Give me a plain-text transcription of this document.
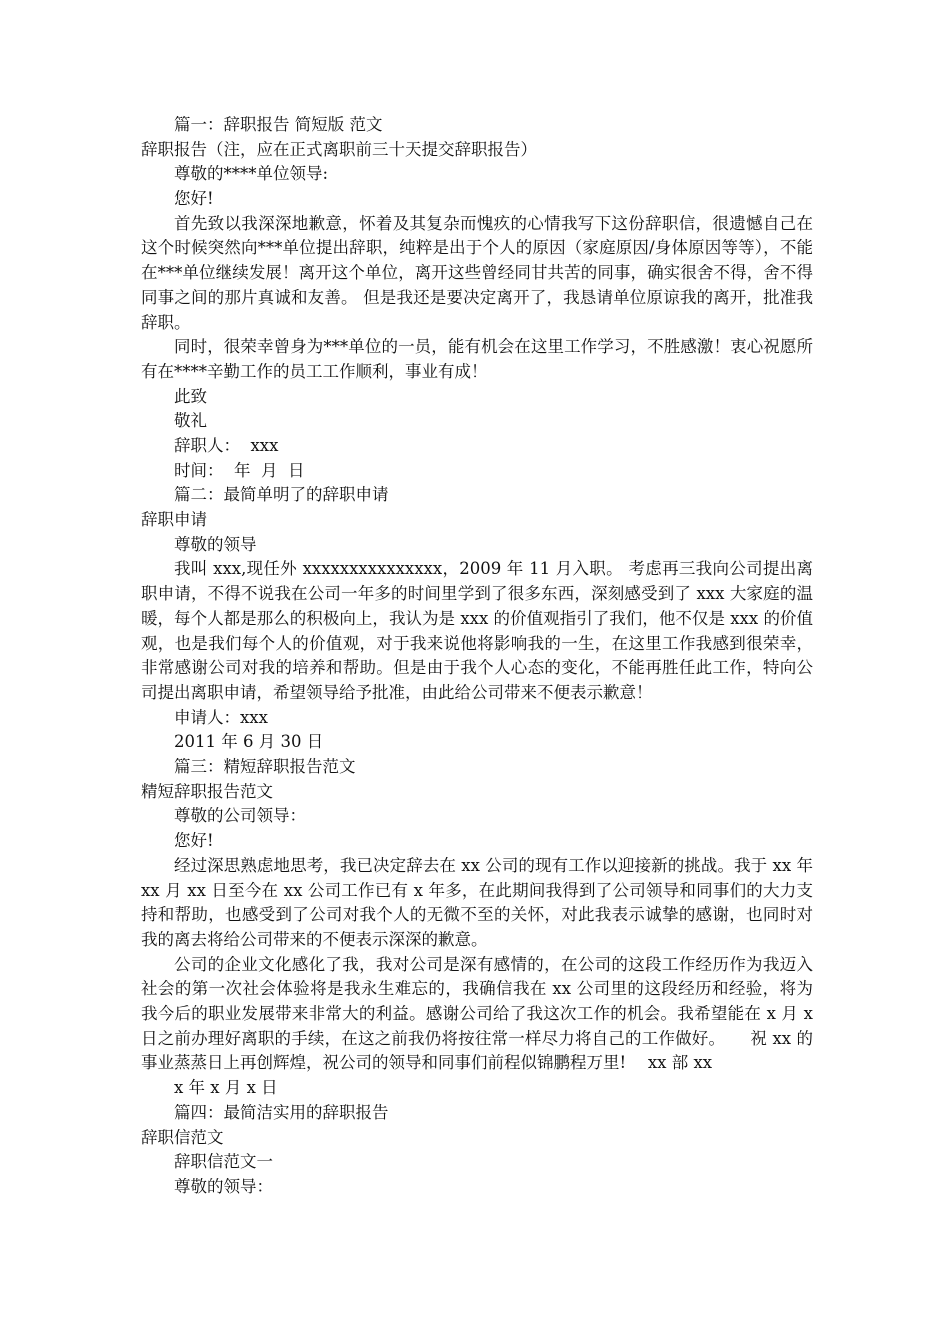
篇一：辞职报告 简短版 范文
辞职报告（注，应在正式离职前三十天提交辞职报告）
尊敬的****单位领导:
您好!
首先致以我深深地歉意，怀着及其复杂而愧疚的心情我写下这份辞职信，很遗憾自己在这个时候突然向***单位提出辞职，纯粹是出于个人的原因（家庭原因/身体原因等等），不能在***单位继续发展！离开这个单位，离开这些曾经同甘共苦的同事，确实很舍不得，舍不得同事之间的那片真诚和友善。 但是我还是要决定离开了，我恳请单位原谅我的离开，批准我辞职。
同时，很荣幸曾身为***单位的一员，能有机会在这里工作学习，不胜感激！衷心祝愿所有在****辛勤工作的员工工作顺利，事业有成！
此致
敬礼
辞职人：  xxx
时间：  年  月  日
篇二：最简单明了的辞职申请
辞职申请
尊敬的领导
我叫 xxx,现任外 xxxxxxxxxxxxxxx，2009 年 11 月入职。 考虑再三我向公司提出离职申请，不得不说我在公司一年多的时间里学到了很多东西，深刻感受到了 xxx 大家庭的温暖，每个人都是那么的积极向上，我认为是 xxx 的价值观指引了我们，他不仅是 xxx 的价值观，也是我们每个人的价值观，对于我来说他将影响我的一生，在这里工作我感到很荣幸，非常感谢公司对我的培养和帮助。但是由于我个人心态的变化，不能再胜任此工作，特向公司提出离职申请，希望领导给予批准，由此给公司带来不便表示歉意！
申请人：xxx
2011 年 6 月 30 日
篇三：精短辞职报告范文
精短辞职报告范文
尊敬的公司领导：
您好!
经过深思熟虑地思考，我已决定辞去在 xx 公司的现有工作以迎接新的挑战。我于 xx 年 xx 月 xx 日至今在 xx 公司工作已有 x 年多，在此期间我得到了公司领导和同事们的大力支持和帮助，也感受到了公司对我个人的无微不至的关怀，对此我表示诚挚的感谢，也同时对我的离去将给公司带来的不便表示深深的歉意。
公司的企业文化感化了我，我对公司是深有感情的，在公司的这段工作经历作为我迈入社会的第一次社会体验将是我永生难忘的，我确信我在 xx 公司里的这段经历和经验，将为我今后的职业发展带来非常大的利益。感谢公司给了我这次工作的机会。我希望能在 x 月 x 日之前办理好离职的手续，在这之前我仍将按往常一样尽力将自己的工作做好。　　祝 xx 的事业蒸蒸日上再创辉煌，祝公司的领导和同事们前程似锦鹏程万里!　 xx 部 xx
x 年 x 月 x 日
篇四：最简洁实用的辞职报告
辞职信范文
辞职信范文一
尊敬的领导：
